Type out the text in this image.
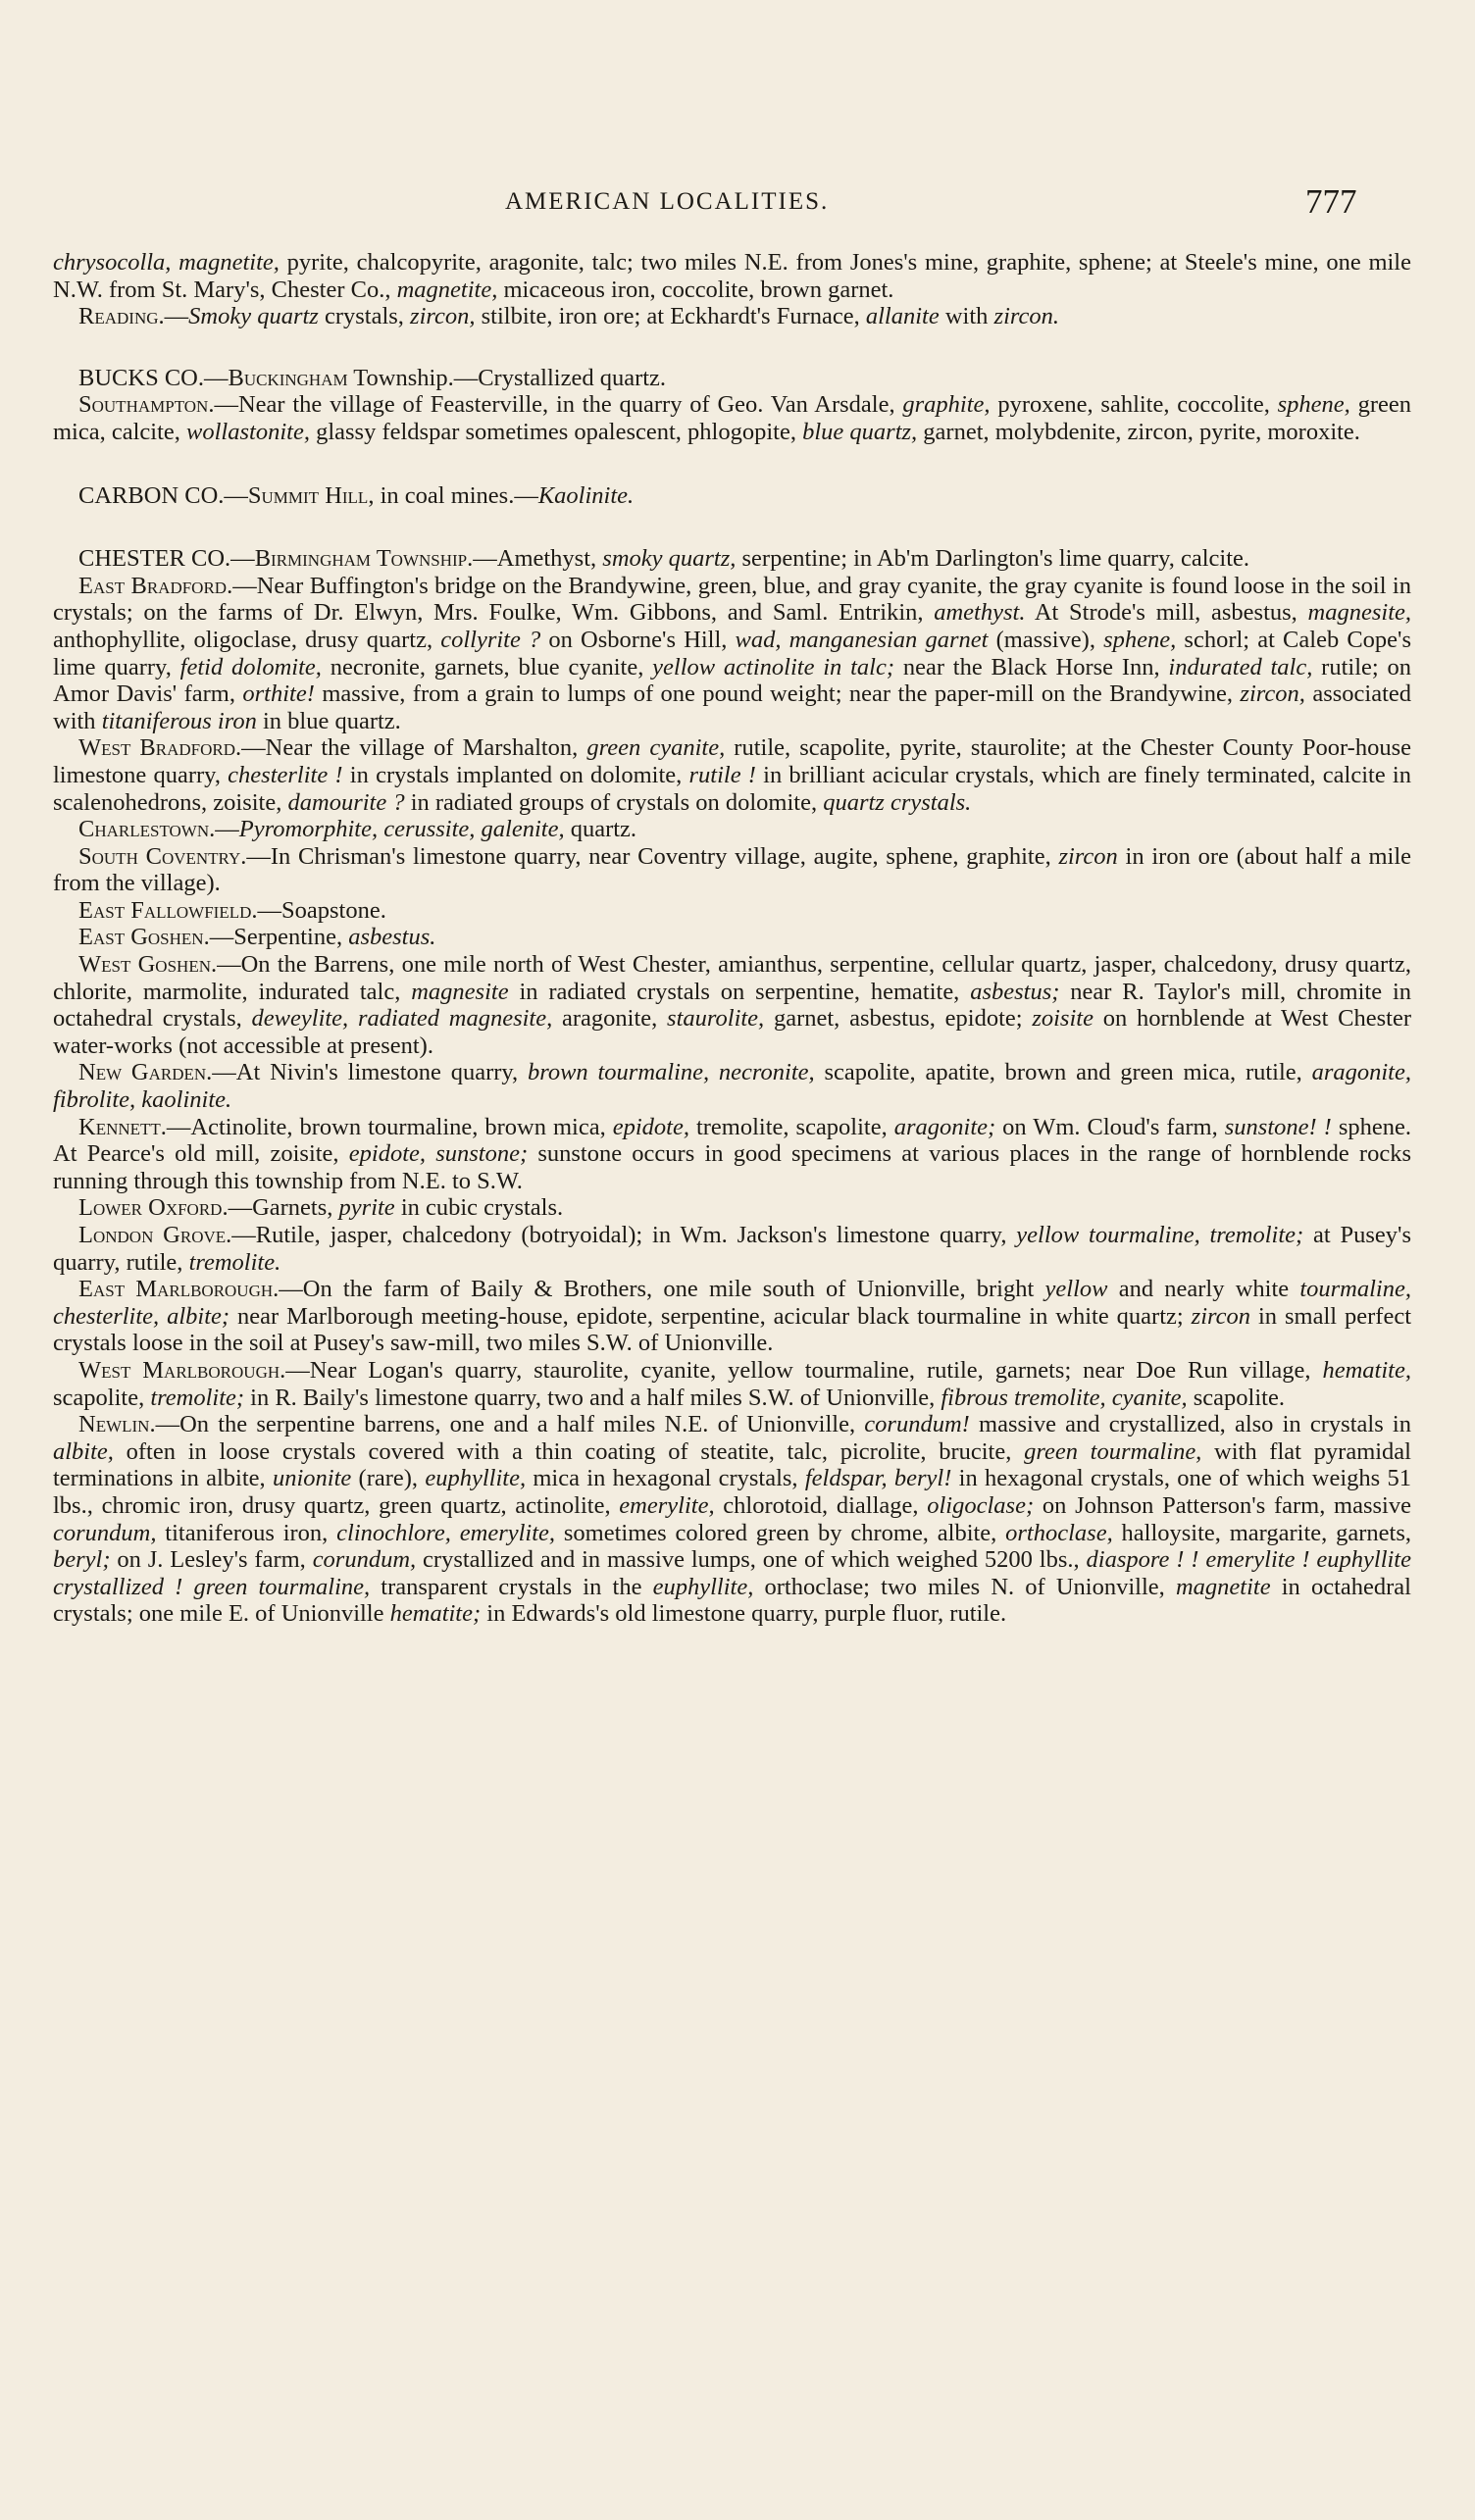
AMERICAN LOCALITIES.	777

chrysocolla, magnetite, pyrite, chalcopyrite, aragonite, talc; two miles N.E. from Jones's mine, graphite, sphene; at Steele's mine, one mile N.W. from St. Mary's, Chester Co., magnetite, micaceous iron, coccolite, brown garnet.

Reading.—Smoky quartz crystals, zircon, stilbite, iron ore; at Eckhardt's Furnace, allanite with zircon.

BUCKS CO.—Buckingham Township.—Crystallized quartz.

Southampton.—Near the village of Feasterville, in the quarry of Geo. Van Arsdale, graphite, pyroxene, sahlite, coccolite, sphene, green mica, calcite, wollastonite, glassy feldspar sometimes opalescent, phlogopite, blue quartz, garnet, molybdenite, zircon, pyrite, moroxite.

CARBON CO.—Summit Hill, in coal mines.—Kaolinite.

CHESTER CO.—Birmingham Township.—Amethyst, smoky quartz, serpentine; in Ab'm Darlington's lime quarry, calcite.

East Bradford.—Near Buffington's bridge on the Brandywine, green, blue, and gray cyanite, the gray cyanite is found loose in the soil in crystals; on the farms of Dr. Elwyn, Mrs. Foulke, Wm. Gibbons, and Saml. Entrikin, amethyst. At Strode's mill, asbestus, magnesite, anthophyllite, oligoclase, drusy quartz, collyrite ? on Osborne's Hill, wad, manganesian garnet (massive), sphene, schorl; at Caleb Cope's lime quarry, fetid dolomite, necronite, garnets, blue cyanite, yellow actinolite in talc; near the Black Horse Inn, indurated talc, rutile; on Amor Davis' farm, orthite! massive, from a grain to lumps of one pound weight; near the paper-mill on the Brandywine, zircon, associated with titaniferous iron in blue quartz.

West Bradford.—Near the village of Marshalton, green cyanite, rutile, scapolite, pyrite, staurolite; at the Chester County Poor-house limestone quarry, chesterlite ! in crystals implanted on dolomite, rutile ! in brilliant acicular crystals, which are finely terminated, calcite in scalenohedrons, zoisite, damourite ? in radiated groups of crystals on dolomite, quartz crystals.

Charlestown.—Pyromorphite, cerussite, galenite, quartz.

South Coventry.—In Chrisman's limestone quarry, near Coventry village, augite, sphene, graphite, zircon in iron ore (about half a mile from the village).

East Fallowfield.—Soapstone.

East Goshen.—Serpentine, asbestus.

West Goshen.—On the Barrens, one mile north of West Chester, amianthus, serpentine, cellular quartz, jasper, chalcedony, drusy quartz, chlorite, marmolite, indurated talc, magnesite in radiated crystals on serpentine, hematite, asbestus; near R. Taylor's mill, chromite in octahedral crystals, deweylite, radiated magnesite, aragonite, staurolite, garnet, asbestus, epidote; zoisite on hornblende at West Chester water-works (not accessible at present).

New Garden.—At Nivin's limestone quarry, brown tourmaline, necronite, scapolite, apatite, brown and green mica, rutile, aragonite, fibrolite, kaolinite.

Kennett.—Actinolite, brown tourmaline, brown mica, epidote, tremolite, scapolite, aragonite; on Wm. Cloud's farm, sunstone! ! sphene. At Pearce's old mill, zoisite, epidote, sunstone; sunstone occurs in good specimens at various places in the range of hornblende rocks running through this township from N.E. to S.W.

Lower Oxford.—Garnets, pyrite in cubic crystals.

London Grove.—Rutile, jasper, chalcedony (botryoidal); in Wm. Jackson's limestone quarry, yellow tourmaline, tremolite; at Pusey's quarry, rutile, tremolite.

East Marlborough.—On the farm of Baily & Brothers, one mile south of Unionville, bright yellow and nearly white tourmaline, chesterlite, albite; near Marlborough meeting-house, epidote, serpentine, acicular black tourmaline in white quartz; zircon in small perfect crystals loose in the soil at Pusey's saw-mill, two miles S.W. of Unionville.

West Marlborough.—Near Logan's quarry, staurolite, cyanite, yellow tourmaline, rutile, garnets; near Doe Run village, hematite, scapolite, tremolite; in R. Baily's limestone quarry, two and a half miles S.W. of Unionville, fibrous tremolite, cyanite, scapolite.

Newlin.—On the serpentine barrens, one and a half miles N.E. of Unionville, corundum! massive and crystallized, also in crystals in albite, often in loose crystals covered with a thin coating of steatite, talc, picrolite, brucite, green tourmaline, with flat pyramidal terminations in albite, unionite (rare), euphyllite, mica in hexagonal crystals, feldspar, beryl! in hexagonal crystals, one of which weighs 51 lbs., chromic iron, drusy quartz, green quartz, actinolite, emerylite, chlorotoid, diallage, oligoclase; on Johnson Patterson's farm, massive corundum, titaniferous iron, clinochlore, emerylite, sometimes colored green by chrome, albite, orthoclase, halloysite, margarite, garnets, beryl; on J. Lesley's farm, corundum, crystallized and in massive lumps, one of which weighed 5200 lbs., diaspore ! ! emerylite ! euphyllite crystallized ! green tourmaline, transparent crystals in the euphyllite, orthoclase; two miles N. of Unionville, magnetite in octahedral crystals; one mile E. of Unionville hematite; in Edwards's old limestone quarry, purple fluor, rutile.
